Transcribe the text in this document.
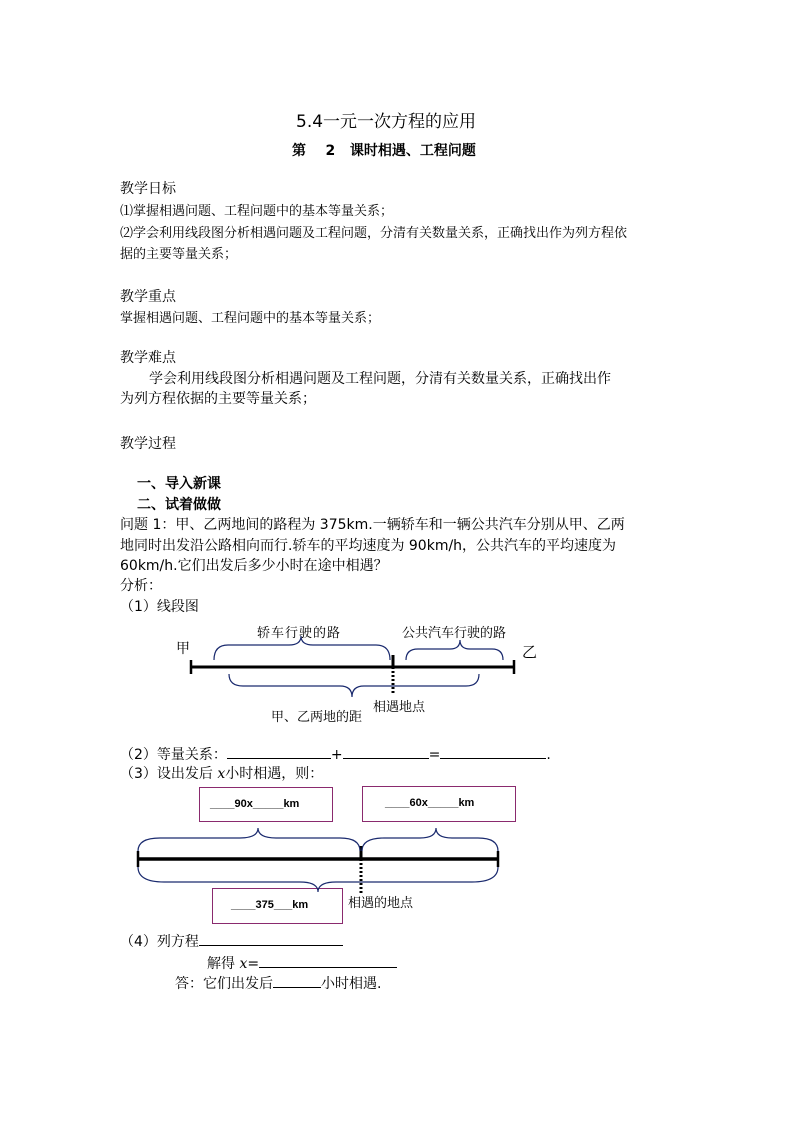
5.4一元一次方程的应用
第    2   课时相遇、工程问题
教学日标
⑴掌握相遇问题、工程问题中的基本等量关系；
⑵学会利用线段图分析相遇问题及工程问题，分清有关数量关系，正确找出作为列方程依
据的主要等量关系；
教学重点
掌握相遇问题、工程问题中的基本等量关系；
教学难点
学会利用线段图分析相遇问题及工程问题，分清有关数量关系，正确找出作
为列方程依据的主要等量关系；
教学过程
一、导入新课
二、试着做做
问题 1：甲、乙两地间的路程为 375km.一辆轿车和一辆公共汽车分别从甲、乙两
地同时出发沿公路相向而行.轿车的平均速度为 90km/h，公共汽车的平均速度为
60km/h.它们出发后多少小时在途中相遇？
分析：
（1）线段图
轿车行驶的路	公共汽车行驶的路
甲	乙
相遇地点
甲、乙两地的距
（2）等量关系：	+	=	.
（3）设出发后 x小时相遇，则：
____90x_____km	____60x_____km
____375___km	相遇的地点
（4）列方程
解得 x=
答：它们出发后	小时相遇.
